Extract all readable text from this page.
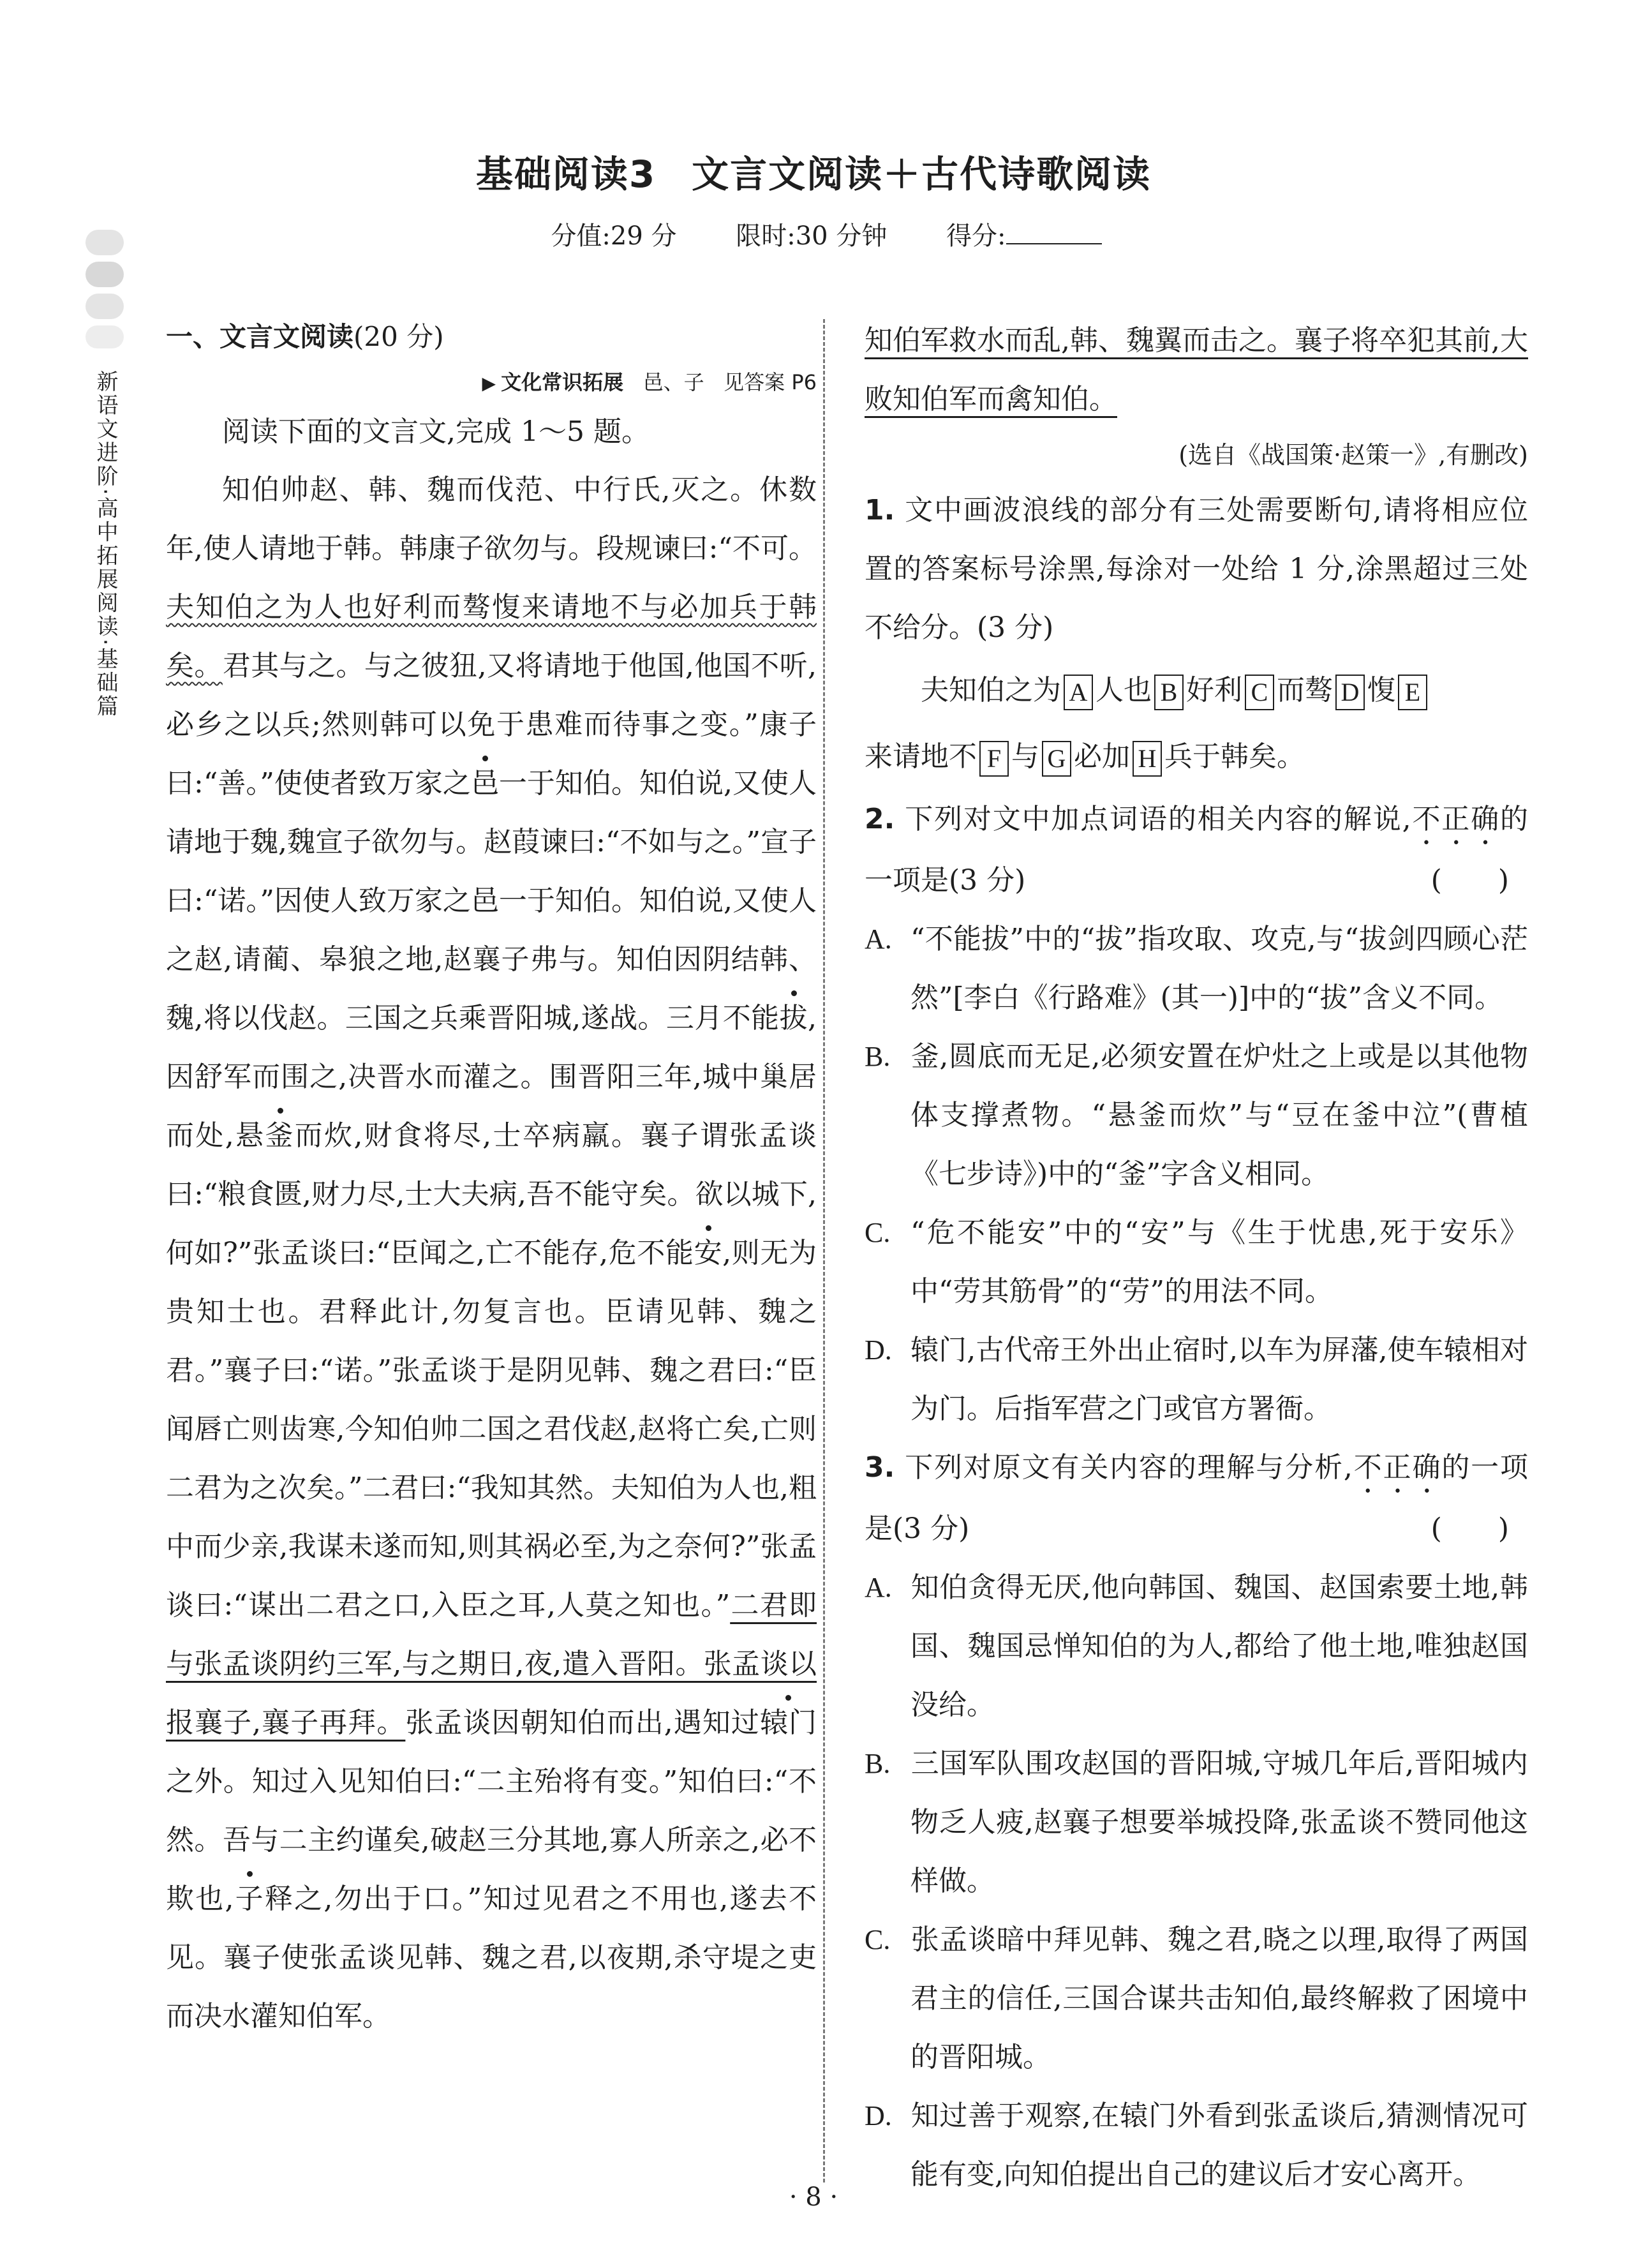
基础阅读3 文言文阅读＋古代诗歌阅读
分值:29 分 限时:30 分钟 得分:
新语文进阶·高中拓展阅读·基础篇
一、文言文阅读(20 分)
▶ 文化常识拓展 邑、子 见答案 P6

阅读下面的文言文,完成 1～5 题。

知伯帅赵、韩、魏而伐范、中行氏,灭之。休数年,使人请地于韩。韩康子欲勿与。段规谏曰:“不可。夫知伯之为人也好利而骜愎来请地不与必加兵于韩矣。君其与之。与之彼狃,又将请地于他国,他国不听,必乡之以兵;然则韩可以免于患难而待事之变。”康子曰:“善。”使使者致万家之邑一于知伯。知伯说,又使人请地于魏,魏宣子欲勿与。赵葭谏曰:“不如与之。”宣子曰:“诺。”因使人致万家之邑一于知伯。知伯说,又使人之赵,请蔺、皋狼之地,赵襄子弗与。知伯因阴结韩、魏,将以伐赵。三国之兵乘晋阳城,遂战。三月不能拔,因舒军而围之,决晋水而灌之。围晋阳三年,城中巢居而处,悬釜而炊,财食将尽,士卒病羸。襄子谓张孟谈曰:“粮食匮,财力尽,士大夫病,吾不能守矣。欲以城下,何如?”张孟谈曰:“臣闻之,亡不能存,危不能安,则无为贵知士也。君释此计,勿复言也。臣请见韩、魏之君。”襄子曰:“诺。”张孟谈于是阴见韩、魏之君曰:“臣闻唇亡则齿寒,今知伯帅二国之君伐赵,赵将亡矣,亡则二君为之次矣。”二君曰:“我知其然。夫知伯为人也,粗中而少亲,我谋未遂而知,则其祸必至,为之奈何?”张孟谈曰:“谋出二君之口,入臣之耳,人莫之知也。”二君即与张孟谈阴约三军,与之期日,夜,遣入晋阳。张孟谈以报襄子,襄子再拜。张孟谈因朝知伯而出,遇知过辕门之外。知过入见知伯曰:“二主殆将有变。”知伯曰:“不然。吾与二主约谨矣,破赵三分其地,寡人所亲之,必不欺也,子释之,勿出于口。”知过见君之不用也,遂去不见。襄子使张孟谈见韩、魏之君,以夜期,杀守堤之吏而决水灌知伯军。

知伯军救水而乱,韩、魏翼而击之。襄子将卒犯其前,大败知伯军而禽知伯。

(选自《战国策·赵策一》,有删改)

1. 文中画波浪线的部分有三处需要断句,请将相应位置的答案标号涂黑,每涂对一处给 1 分,涂黑超过三处不给分。(3 分)

夫知伯之为 A 人也 B 好利 C 而骜 D 愎 E

来请地不 F 与 G 必加 H 兵于韩矣。

2. 下列对文中加点词语的相关内容的解说,不正确的一项是(3 分)	(　　)

A. “不能拔”中的“拔”指攻取、攻克,与“拔剑四顾心茫然”[李白《行路难》(其一)]中的“拔”含义不同。

B. 釜,圆底而无足,必须安置在炉灶之上或是以其他物体支撑煮物。“悬釜而炊”与“豆在釜中泣”(曹植《七步诗》)中的“釜”字含义相同。

C. “危不能安”中的“安”与《生于忧患,死于安乐》中“劳其筋骨”的“劳”的用法不同。

D. 辕门,古代帝王外出止宿时,以车为屏藩,使车辕相对为门。后指军营之门或官方署衙。

3. 下列对原文有关内容的理解与分析,不正确的一项是(3 分)	(　　)

A. 知伯贪得无厌,他向韩国、魏国、赵国索要土地,韩国、魏国忌惮知伯的为人,都给了他土地,唯独赵国没给。

B. 三国军队围攻赵国的晋阳城,守城几年后,晋阳城内物乏人疲,赵襄子想要举城投降,张孟谈不赞同他这样做。

C. 张孟谈暗中拜见韩、魏之君,晓之以理,取得了两国君主的信任,三国合谋共击知伯,最终解救了困境中的晋阳城。

D. 知过善于观察,在辕门外看到张孟谈后,猜测情况可能有变,向知伯提出自己的建议后才安心离开。

· 8 ·
